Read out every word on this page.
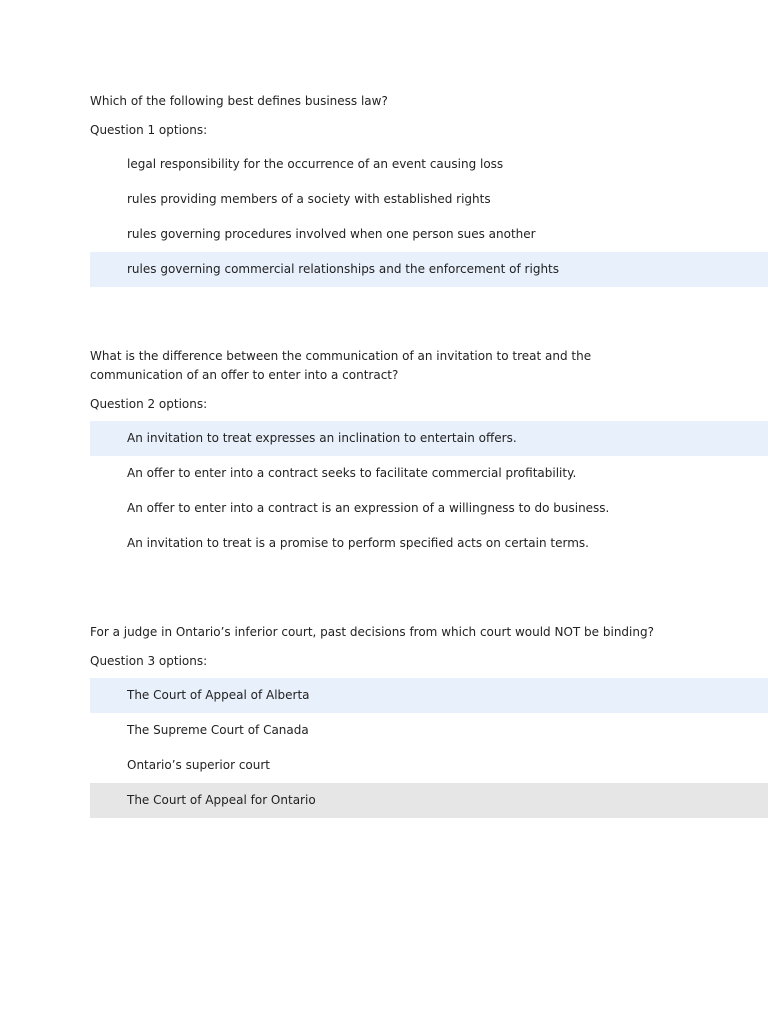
Which of the following best defines business law?

Question 1 options:
legal responsibility for the occurrence of an event causing loss
rules providing members of a society with established rights
rules governing procedures involved when one person sues another
rules governing commercial relationships and the enforcement of rights

What is the difference between the communication of an invitation to treat and the communication of an offer to enter into a contract?

Question 2 options:
An invitation to treat expresses an inclination to entertain offers.
An offer to enter into a contract seeks to facilitate commercial profitability.
An offer to enter into a contract is an expression of a willingness to do business.
An invitation to treat is a promise to perform specified acts on certain terms.

For a judge in Ontario’s inferior court, past decisions from which court would NOT be binding?

Question 3 options:
The Court of Appeal of Alberta
The Supreme Court of Canada
Ontario’s superior court
The Court of Appeal for Ontario
